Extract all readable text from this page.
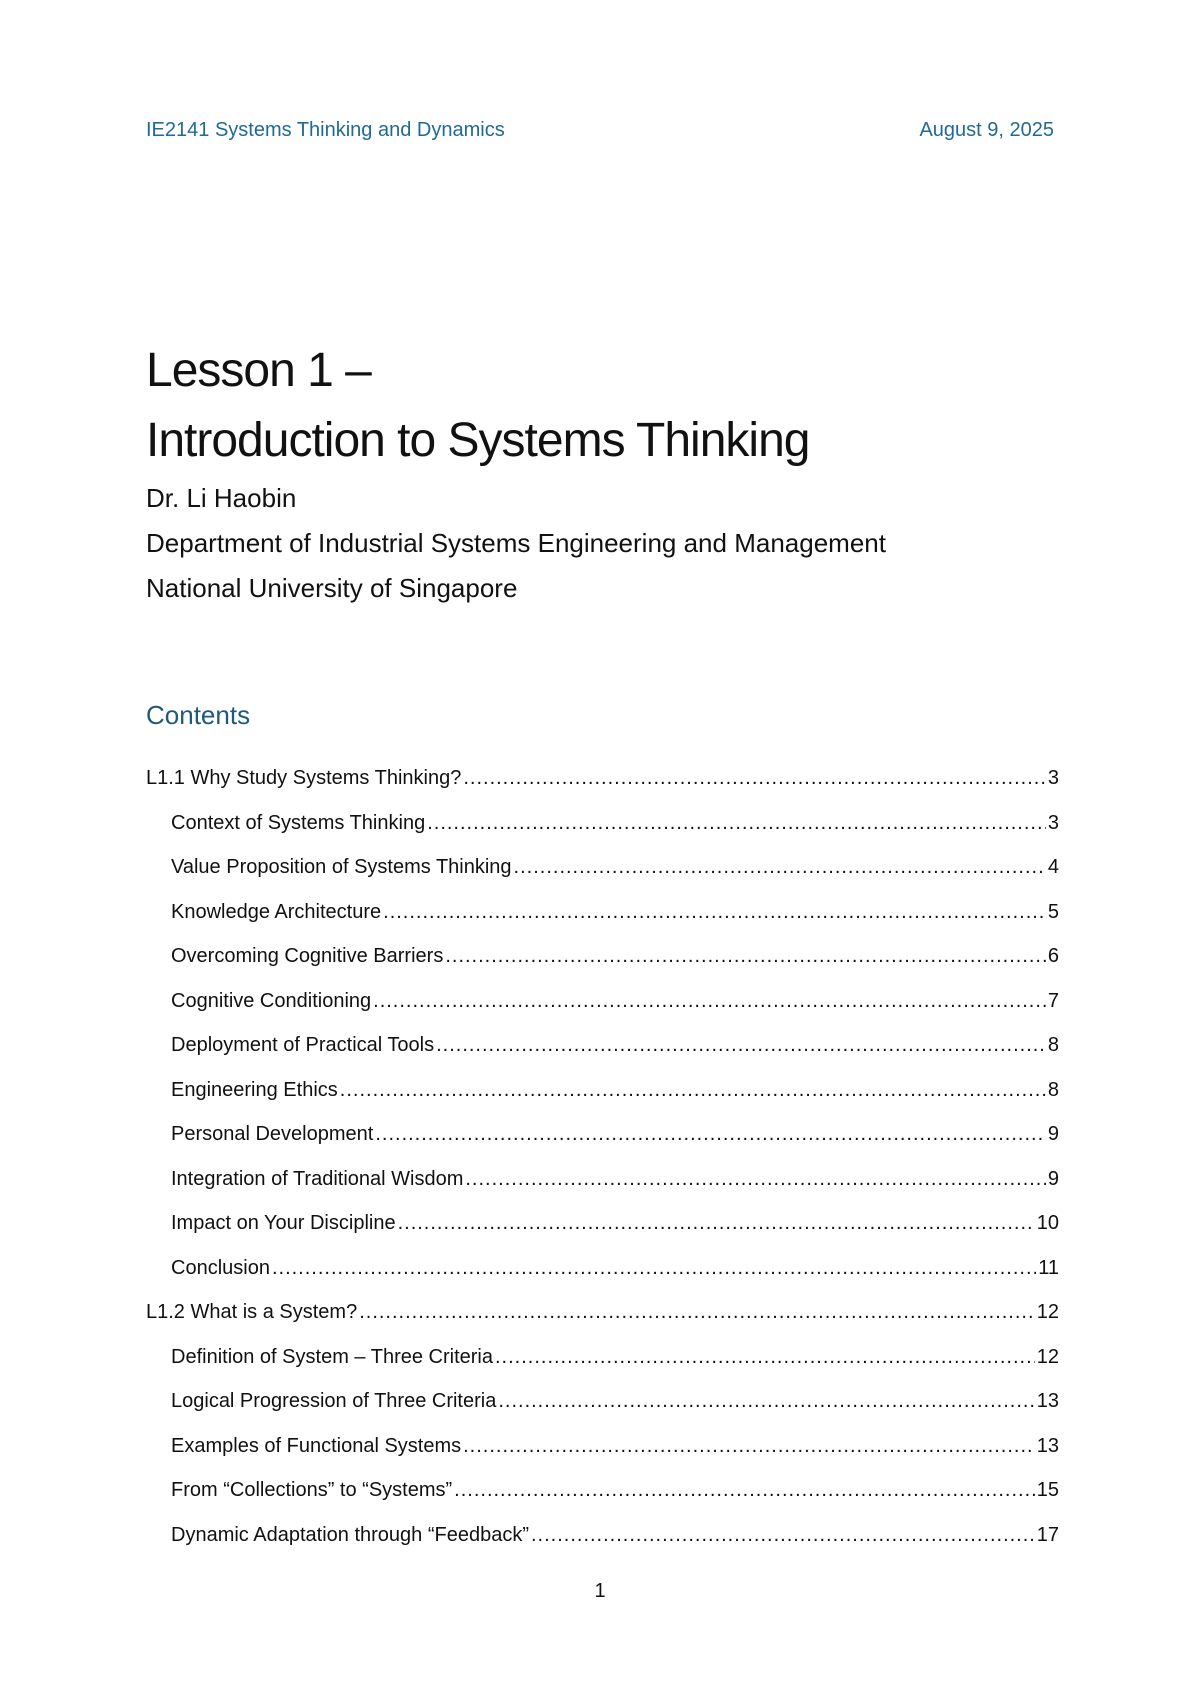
IE2141 Systems Thinking and Dynamics	August 9, 2025
Lesson 1 –
Introduction to Systems Thinking
Dr. Li Haobin
Department of Industrial Systems Engineering and Management
National University of Singapore
Contents
L1.1 Why Study Systems Thinking? .....	3
Context of Systems Thinking .....	3
Value Proposition of Systems Thinking .....	4
Knowledge Architecture .....	5
Overcoming Cognitive Barriers .....	6
Cognitive Conditioning .....	7
Deployment of Practical Tools .....	8
Engineering Ethics .....	8
Personal Development .....	9
Integration of Traditional Wisdom .....	9
Impact on Your Discipline .....	10
Conclusion .....	11
L1.2 What is a System? .....	12
Definition of System – Three Criteria .....	12
Logical Progression of Three Criteria .....	13
Examples of Functional Systems .....	13
From “Collections” to “Systems” .....	15
Dynamic Adaptation through “Feedback” .....	17
1
